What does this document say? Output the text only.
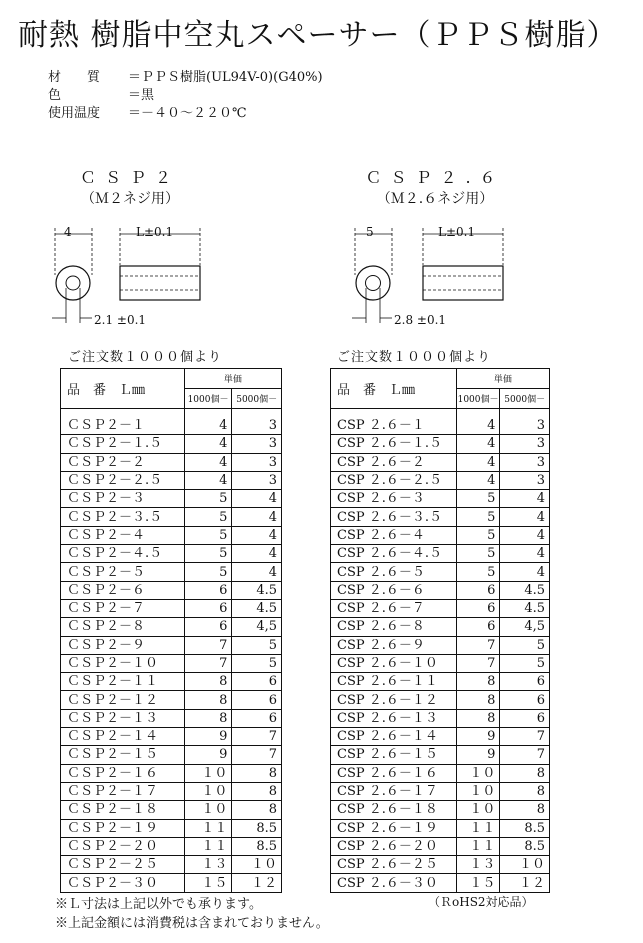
耐熱 樹脂中空丸スペーサー（ＰＰＳ樹脂）
材　　質 ＝ＰＰＳ樹脂(UL94V-0)(G40%)
色	＝黒
使用温度 ＝－４０～２２０℃
ＣＳＰ２
（Ｍ２ネジ用）
ＣＳＰ２.６
（Ｍ２.６ネジ用）
4
2.1 ±0.1
L±0.1	5
2.8 ±0.1
L±0.1
ご注文数１０００個より	ご注文数１０００個より
品　番　Ｌ㎜	単価	
	1000個－	5000個－
ＣＳＰ２－１	4	3
ＣＳＰ２－１.５	4	3
ＣＳＰ２－２	4	3
ＣＳＰ２－２.５	4	3
ＣＳＰ２－３	5	4
ＣＳＰ２－３.５	5	4
ＣＳＰ２－４	5	4
ＣＳＰ２－４.５	5	4
ＣＳＰ２－５	5	4
ＣＳＰ２－６	6	4.5
ＣＳＰ２－７	6	4.5
ＣＳＰ２－８	6	4,5
ＣＳＰ２－９	7	5
ＣＳＰ２－１０	7	5
ＣＳＰ２－１１	8	6
ＣＳＰ２－１２	8	6
ＣＳＰ２－１３	8	6
ＣＳＰ２－１４	9	7
ＣＳＰ２－１５	9	7
ＣＳＰ２－１６	１０	8
ＣＳＰ２－１７	１０	8
ＣＳＰ２－１８	１０	8
ＣＳＰ２－１９	１１	8.5
ＣＳＰ２－２０	１１	8.5
ＣＳＰ２－２５	１３	１０
ＣＳＰ２－３０	１５	１２
品　番　Ｌ㎜	単価	
	1000個－	5000個－
CSP ２.６－１	4	3
CSP ２.６－１.５	4	3
CSP ２.６－２	4	3
CSP ２.６－２.５	4	3
CSP ２.６－３	5	4
CSP ２.６－３.５	5	4
CSP ２.６－４	5	4
CSP ２.６－４.５	5	4
CSP ２.６－５	5	4
CSP ２.６－６	6	4.5
CSP ２.６－７	6	4.5
CSP ２.６－８	6	4,5
CSP ２.６－９	7	5
CSP ２.６－１０	7	5
CSP ２.６－１１	8	6
CSP ２.６－１２	8	6
CSP ２.６－１３	8	6
CSP ２.６－１４	9	7
CSP ２.６－１５	9	7
CSP ２.６－１６	１０	8
CSP ２.６－１７	１０	8
CSP ２.６－１８	１０	8
CSP ２.６－１９	１１	8.5
CSP ２.６－２０	１１	8.5
CSP ２.６－２５	１３	１０
CSP ２.６－３０	１５	１２
※Ｌ寸法は上記以外でも承ります。
※上記金額には消費税は含まれておりません。
（ＲoHS2対応品）
